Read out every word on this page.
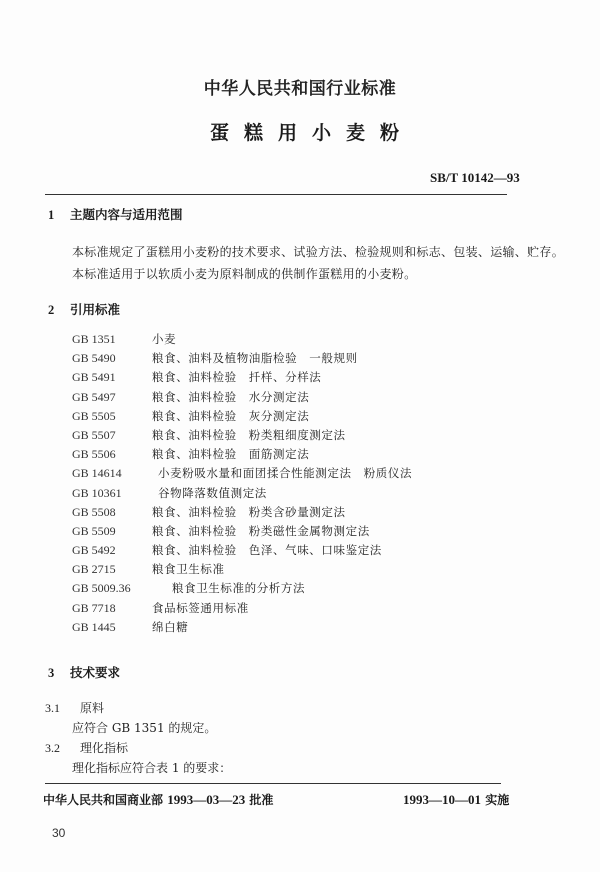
中华人民共和国行业标准
蛋糕用小麦粉
SB/T 10142—93
1 主题内容与适用范围
本标准规定了蛋糕用小麦粉的技术要求、试验方法、检验规则和标志、包装、运输、贮存。
本标准适用于以软质小麦为原料制成的供制作蛋糕用的小麦粉。
2 引用标准
GB 1351	小麦
GB 5490	粮食、油料及植物油脂检验　一般规则
GB 5491	粮食、油料检验　扦样、分样法
GB 5497	粮食、油料检验　水分测定法
GB 5505	粮食、油料检验　灰分测定法
GB 5507	粮食、油料检验　粉类粗细度测定法
GB 5506	粮食、油料检验　面筋测定法
GB 14614	小麦粉吸水量和面团揉合性能测定法　粉质仪法
GB 10361	谷物降落数值测定法
GB 5508	粮食、油料检验　粉类含砂量测定法
GB 5509	粮食、油料检验　粉类磁性金属物测定法
GB 5492	粮食、油料检验　色泽、气味、口味鉴定法
GB 2715	粮食卫生标准
GB 5009.36	粮食卫生标准的分析方法
GB 7718	食品标签通用标准
GB 1445	绵白糖
3 技术要求
3.1 原料
应符合 GB 1351 的规定。
3.2 理化指标
理化指标应符合表 1 的要求：
中华人民共和国商业部 1993—03—23 批准	1993—10—01 实施
30
